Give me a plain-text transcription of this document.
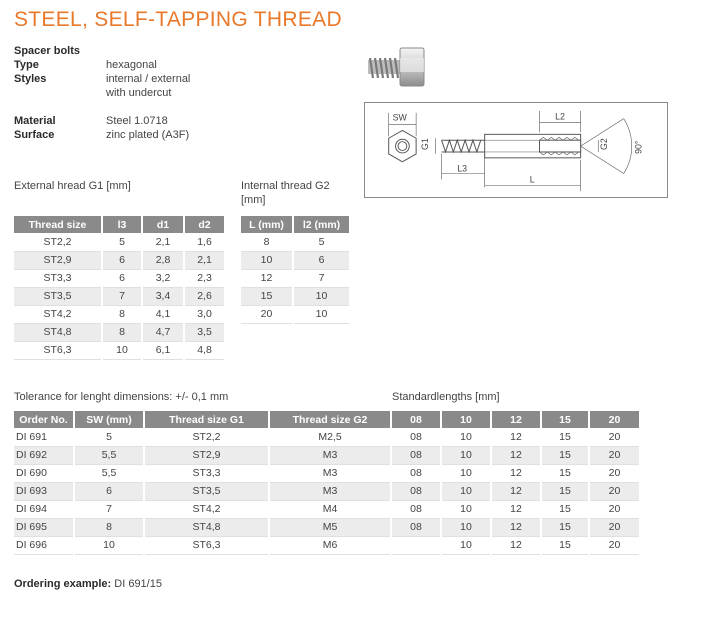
STEEL, SELF-TAPPING THREAD
Spacer bolts
Type	hexagonal
Styles	internal / external
with undercut
Material	Steel 1.0718
Surface	zinc plated (A3F)
SW
G1
L3
L2
L
G2	90°
External hread G1 [mm]	Internal thread G2 [mm]
Thread size	l3	d1	d2
ST2,2	5	2,1	1,6
ST2,9	6	2,8	2,1
ST3,3	6	3,2	2,3
ST3,5	7	3,4	2,6
ST4,2	8	4,1	3,0
ST4,8	8	4,7	3,5
ST6,3	10	6,1	4,8
L (mm)	l2 (mm)
8	5
10	6
12	7
15	10
20	10
Tolerance for lenght dimensions: +/- 0,1 mm	Standardlengths [mm]
Order No.	SW (mm)	Thread size G1	Thread size G2	08	10	12	15	20
DI 691	5	ST2,2	M2,5	08	10	12	15	20
DI 692	5,5	ST2,9	M3	08	10	12	15	20
DI 690	5,5	ST3,3	M3	08	10	12	15	20
DI 693	6	ST3,5	M3	08	10	12	15	20
DI 694	7	ST4,2	M4	08	10	12	15	20
DI 695	8	ST4,8	M5	08	10	12	15	20
DI 696	10	ST6,3	M6		10	12	15	20
Ordering example: DI 691/15
